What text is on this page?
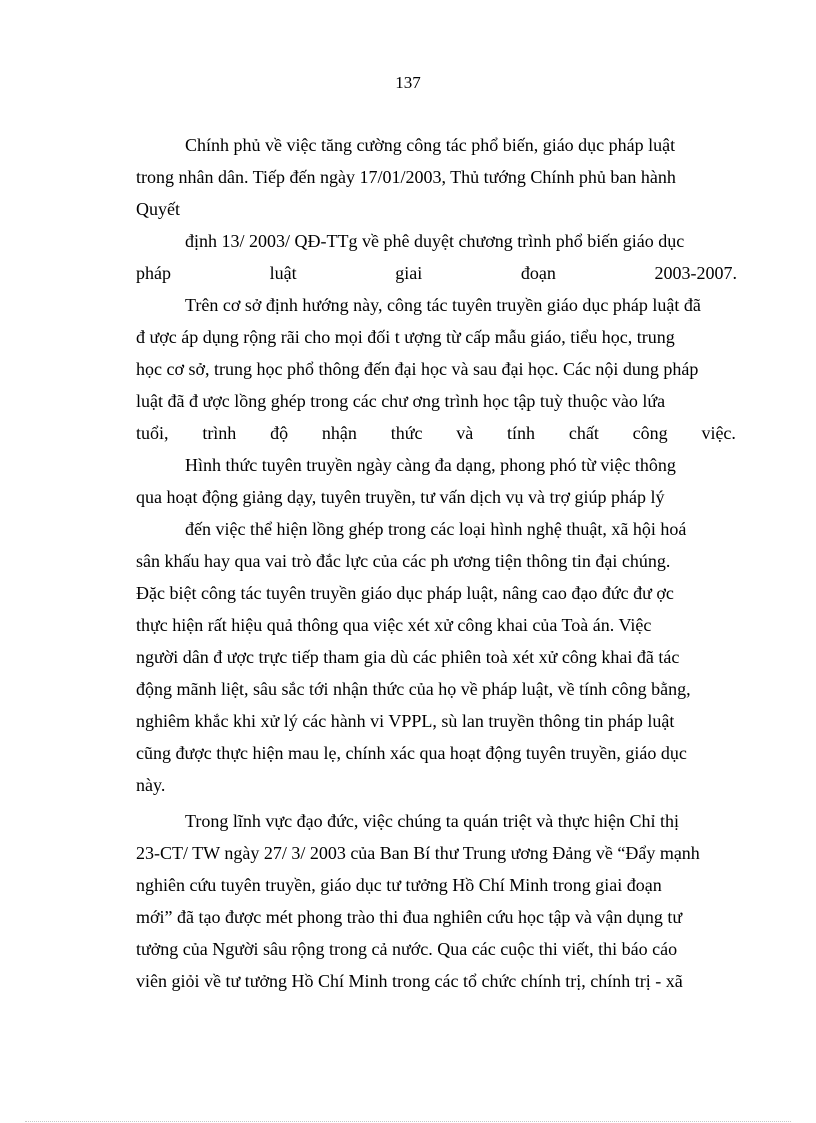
137
Chính phủ về việc tăng cường công tác phổ biến, giáo dục pháp luật
trong nhân dân. Tiếp đến ngày 17/01/2003, Thủ tướng Chính phủ ban hành
Quyết
định 13/ 2003/ QĐ-TTg về phê duyệt chương trình phổ biến giáo dục
pháp	luật	giai	đoạn	2003-2007.
Trên cơ sở định hướng này, công tác tuyên truyền giáo dục pháp luật đã
đ ược áp dụng rộng rãi cho mọi đối t ượng từ cấp mẫu giáo, tiểu học, trung
học cơ sở, trung học phổ thông đến đại học và sau đại học. Các nội dung pháp
luật đã đ ược lồng ghép trong các chư ơng trình học tập tuỳ thuộc vào lứa
tuổi, trình độ nhận thức và tính chất công việc.
Hình thức tuyên truyền ngày càng đa dạng, phong phó từ việc thông
qua hoạt động giảng dạy, tuyên truyền, tư vấn dịch vụ và trợ giúp pháp lý
đến việc thể hiện lồng ghép trong các loại hình nghệ thuật, xã hội hoá
sân khấu hay qua vai trò đắc lực của các ph ương tiện thông tin đại chúng.
Đặc biệt công tác tuyên truyền giáo dục pháp luật, nâng cao đạo đức đư ợc
thực hiện rất hiệu quả thông qua việc xét xử công khai của Toà án. Việc
người dân đ ược trực tiếp tham gia dù các phiên toà xét xử công khai đã tác
động mãnh liệt, sâu sắc tới nhận thức của họ về pháp luật, về tính công bằng,
nghiêm khắc khi xử lý các hành vi VPPL, sù lan truyền thông tin pháp luật
cũng được thực hiện mau lẹ, chính xác qua hoạt động tuyên truyền, giáo dục
này.
Trong lĩnh vực đạo đức, việc chúng ta quán triệt và thực hiện Chỉ thị
23-CT/ TW ngày 27/ 3/ 2003 của Ban Bí thư Trung ương Đảng về “Đẩy mạnh
nghiên cứu tuyên truyền, giáo dục tư tưởng Hồ Chí Minh trong giai đoạn
mới” đã tạo được mét phong trào thi đua nghiên cứu học tập và vận dụng tư
tưởng của Người sâu rộng trong cả nước. Qua các cuộc thi viết, thi báo cáo
viên giỏi về tư tưởng Hồ Chí Minh trong các tổ chức chính trị, chính trị - xã
